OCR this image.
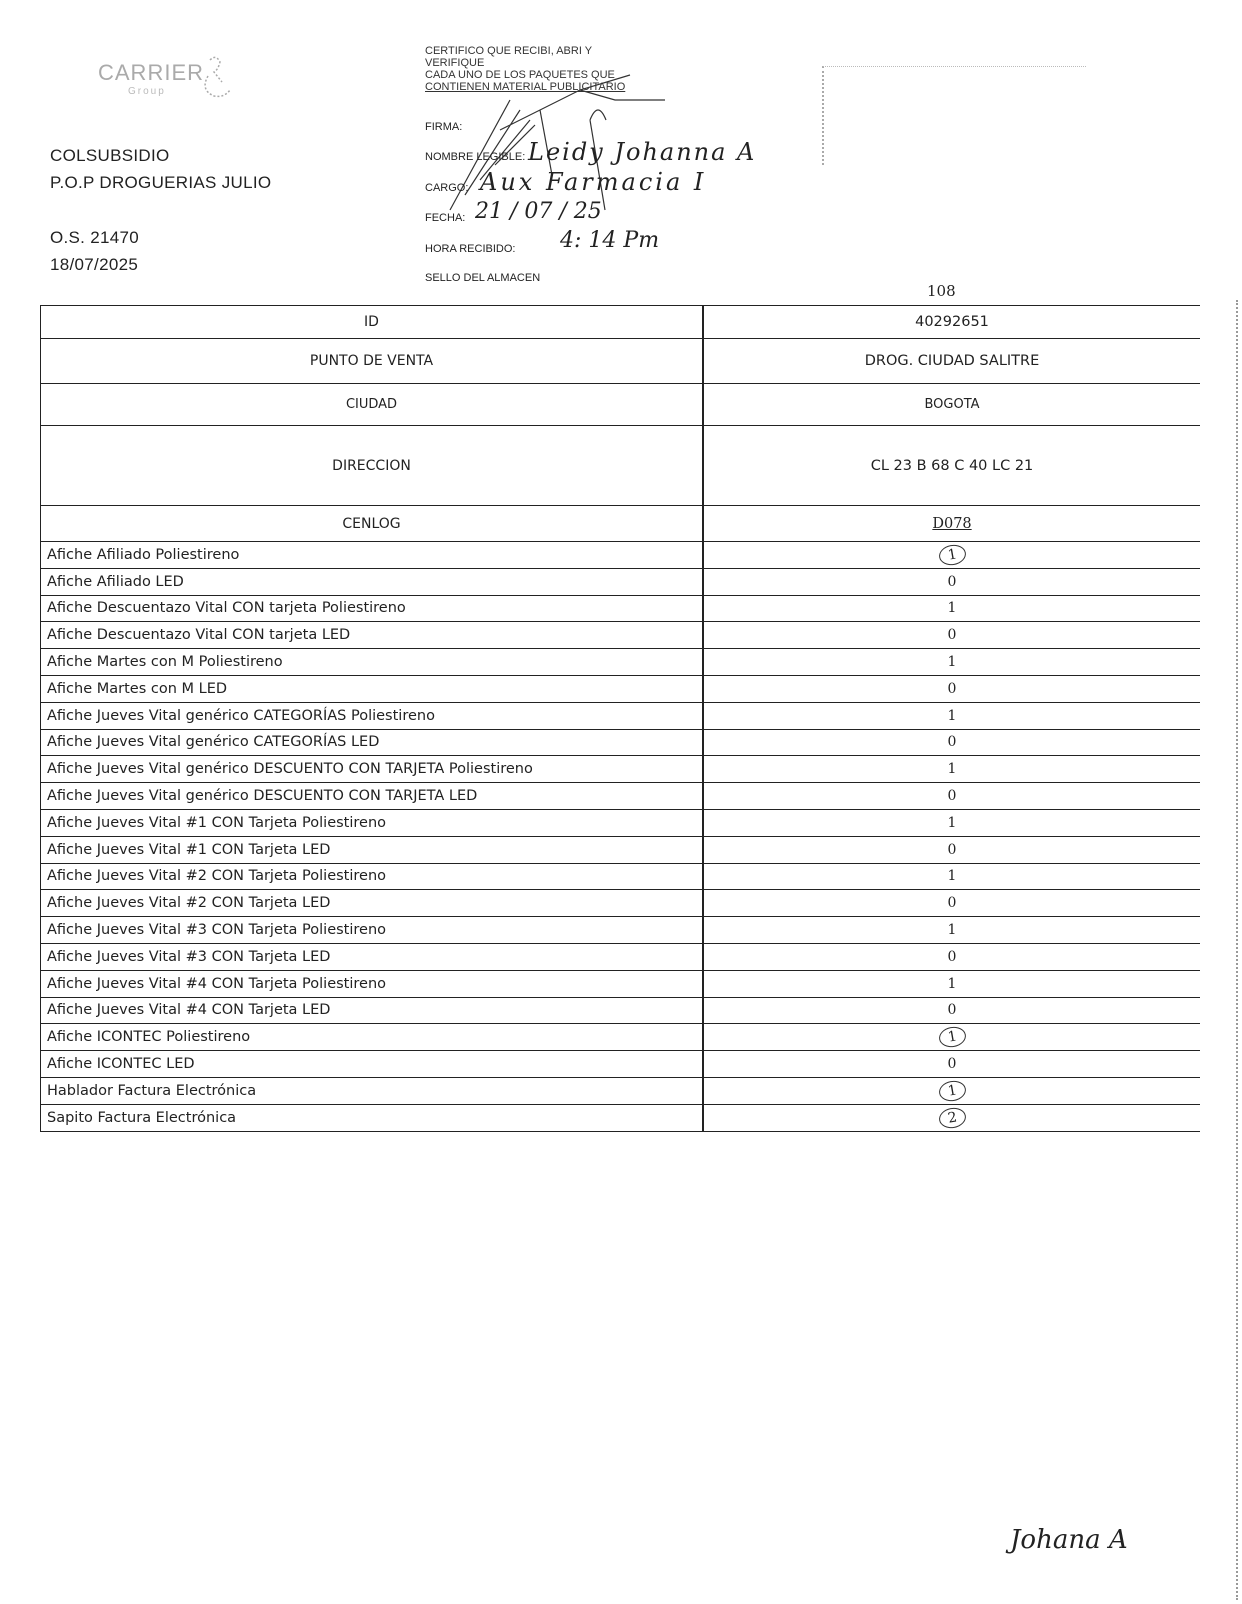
CARRIER
Group
COLSUBSIDIO
P.O.P DROGUERIAS JULIO
O.S. 21470
18/07/2025
CERTIFICO QUE RECIBI, ABRI Y
VERIFIQUE
CADA UNO DE LOS PAQUETES QUE
CONTIENEN MATERIAL PUBLICITARIO
FIRMA:
NOMBRE LEGIBLE: Leidy Johanna A
CARGO: Aux Farmacia I
FECHA: 21 / 07 / 25
HORA RECIBIDO: 4: 14 Pm
SELLO DEL ALMACEN
108
ID	40292651
PUNTO DE VENTA	DROG. CIUDAD SALITRE
CIUDAD	BOGOTA
DIRECCION	CL 23 B 68 C 40 LC 21
CENLOG	D078
Afiche Afiliado Poliestireno	1
Afiche Afiliado LED	0
Afiche Descuentazo Vital CON tarjeta Poliestireno	1
Afiche Descuentazo Vital CON tarjeta LED	0
Afiche Martes con M Poliestireno	1
Afiche Martes con M LED	0
Afiche Jueves Vital genérico CATEGORÍAS Poliestireno	1
Afiche Jueves Vital genérico CATEGORÍAS LED	0
Afiche Jueves Vital genérico DESCUENTO CON TARJETA Poliestireno	1
Afiche Jueves Vital genérico DESCUENTO CON TARJETA LED	0
Afiche Jueves Vital #1 CON Tarjeta Poliestireno	1
Afiche Jueves Vital #1 CON Tarjeta LED	0
Afiche Jueves Vital #2 CON Tarjeta Poliestireno	1
Afiche Jueves Vital #2 CON Tarjeta LED	0
Afiche Jueves Vital #3 CON Tarjeta Poliestireno	1
Afiche Jueves Vital #3 CON Tarjeta LED	0
Afiche Jueves Vital #4 CON Tarjeta Poliestireno	1
Afiche Jueves Vital #4 CON Tarjeta LED	0
Afiche ICONTEC Poliestireno	1
Afiche ICONTEC LED	0
Hablador Factura Electrónica	1
Sapito Factura Electrónica	2
Johana A
